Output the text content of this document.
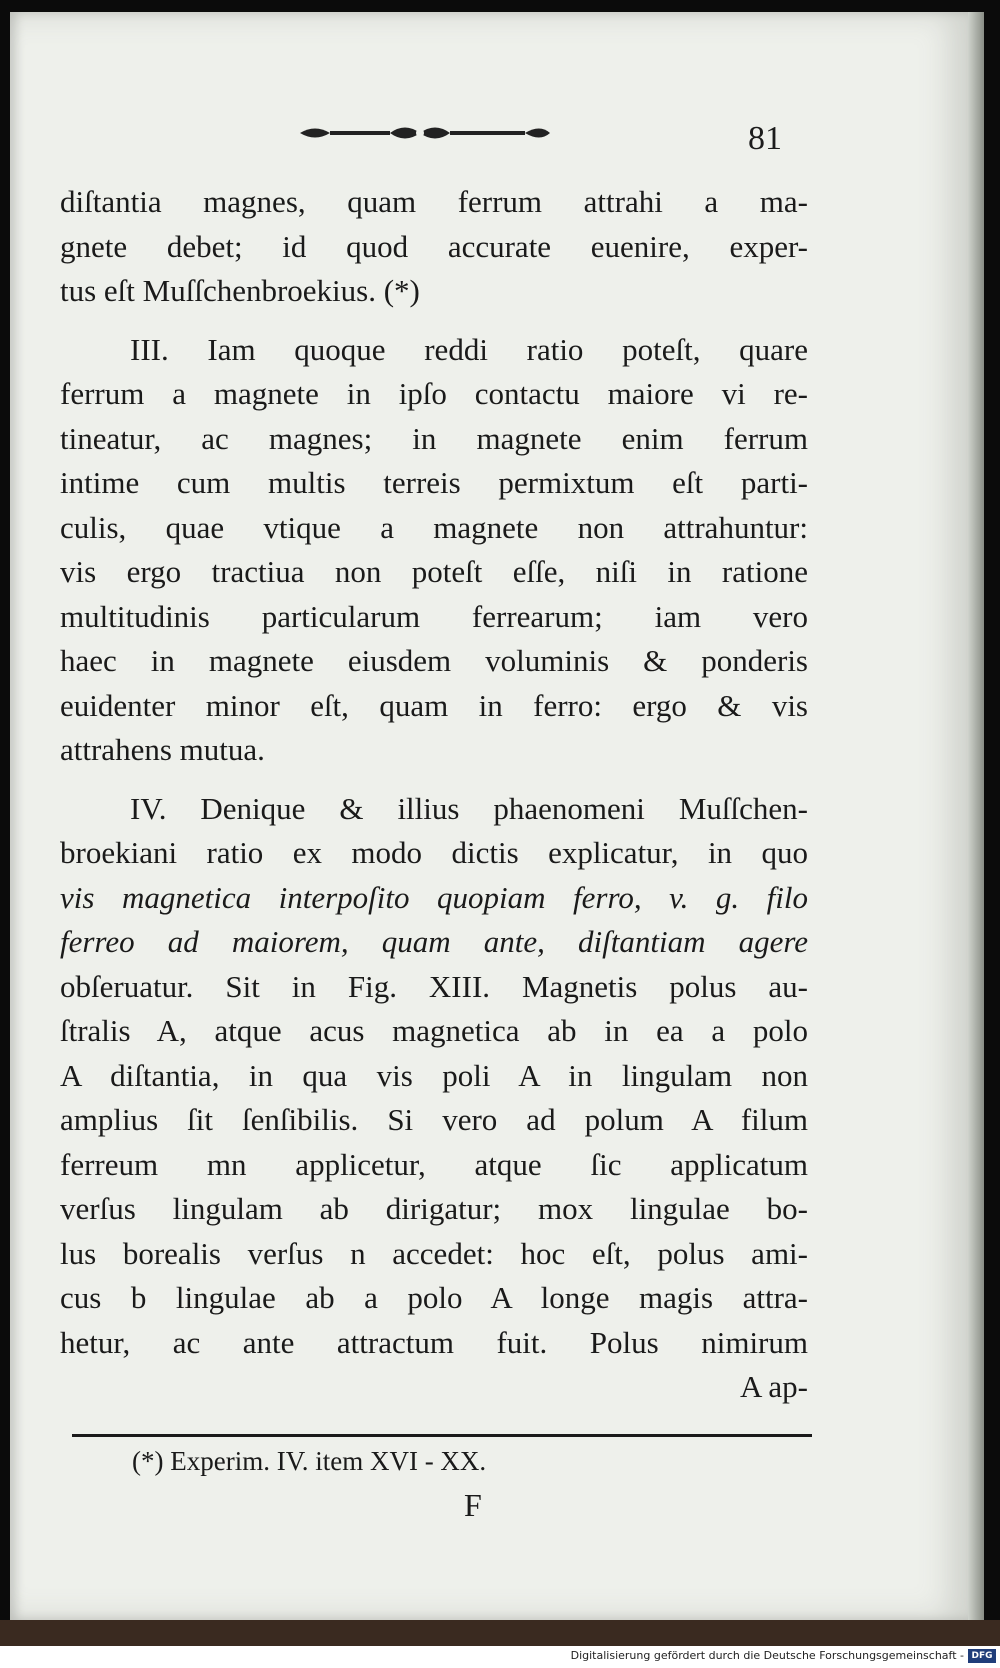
81
diſtantia magnes, quam ferrum attrahi a ma-
gnete debet; id quod accurate euenire, exper-
tus eſt Muſſchenbroekius. (*)
III. Iam quoque reddi ratio poteſt, quare
ferrum a magnete in ipſo contactu maiore vi re-
tineatur, ac magnes; in magnete enim ferrum
intime cum multis terreis permixtum eſt parti-
culis, quae vtique a magnete non attrahuntur:
vis ergo tractiua non poteſt eſſe, niſi in ratione
multitudinis particularum ferrearum; iam vero
haec in magnete eiusdem voluminis & ponderis
euidenter minor eſt, quam in ferro: ergo & vis
attrahens mutua.
IV. Denique & illius phaenomeni Muſſchen-
broekiani ratio ex modo dictis explicatur, in quo
vis magnetica interpoſito quopiam ferro, v. g. filo
ferreo ad maiorem, quam ante, diſtantiam agere
obſeruatur. Sit in Fig. XIII. Magnetis polus au-
ſtralis A, atque acus magnetica ab in ea a polo
A diſtantia, in qua vis poli A in lingulam non
amplius ſit ſenſibilis. Si vero ad polum A filum
ferreum mn applicetur, atque ſic applicatum
verſus lingulam ab dirigatur; mox lingulae bo-
lus borealis verſus n accedet: hoc eſt, polus ami-
cus b lingulae ab a polo A longe magis attra-
hetur, ac ante attractum fuit. Polus nimirum
A ap-
(*) Experim. IV. item XVI - XX.
F
Digitalisierung gefördert durch die Deutsche Forschungsgemeinschaft - DFG
